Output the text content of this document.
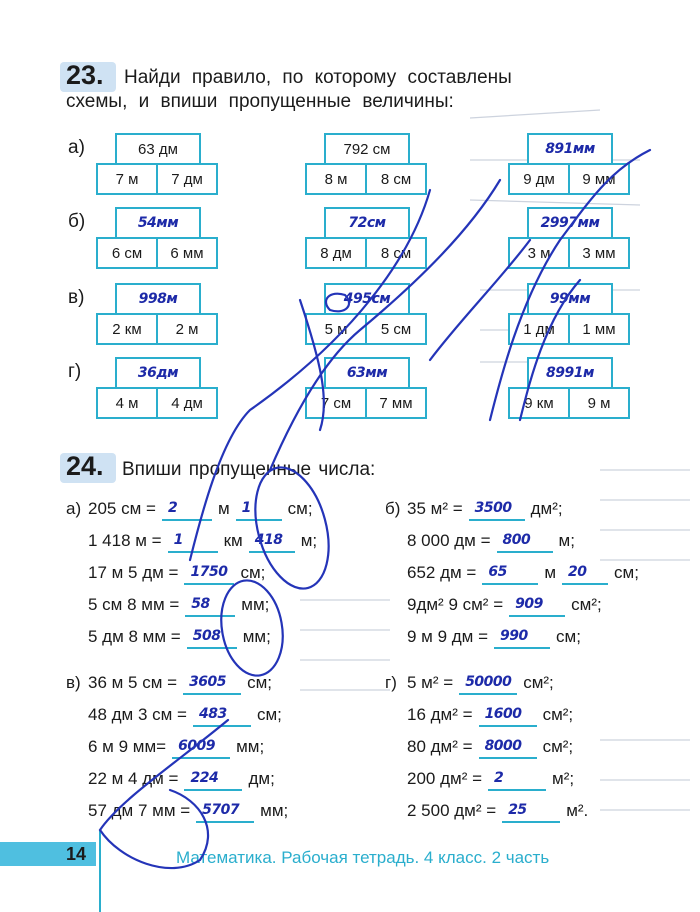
23. Найди правило, по которому составлены
схемы, и впиши пропущенные величины:
а)	63 дм
7 м	7 дм
792 см
8 м	8 см
891мм
9 дм	9 мм
б)	54мм
6 см	6 мм
72см
8 дм	8 см
2997мм
3 м	3 мм
в)	998м
2 км	2 м
495см
5 м	5 см
99мм
1 дм	1 мм
г)	36дм
4 м	4 дм
63мм
7 см	7 мм
8991м
9 км	9 м
24. Впиши пропущенные числа:
а) 205 см = 2 м 1 см;
1 418 м = 1 км 418 м;
17 м 5 дм = 1750 см;
5 см 8 мм = 58 мм;
5 дм 8 мм = 508 мм;
б) 35 м² = 3500 дм²;
8 000 дм = 800 м;
652 дм = 65 м 20 см;
9дм² 9 см² = 909 см²;
9 м 9 дм = 990 см;
в) 36 м 5 см = 3605 см;
48 дм 3 см = 483 см;
6 м 9 мм= 6009 мм;
22 м 4 дм = 224 дм;
57 дм 7 мм = 5707 мм;
г) 5 м² = 50000 см²;
16 дм² = 1600 см²;
80 дм² = 8000 см²;
200 дм² = 2	м²;
2 500 дм² = 25 м².
14	Математика. Рабочая тетрадь. 4 класс. 2 часть
